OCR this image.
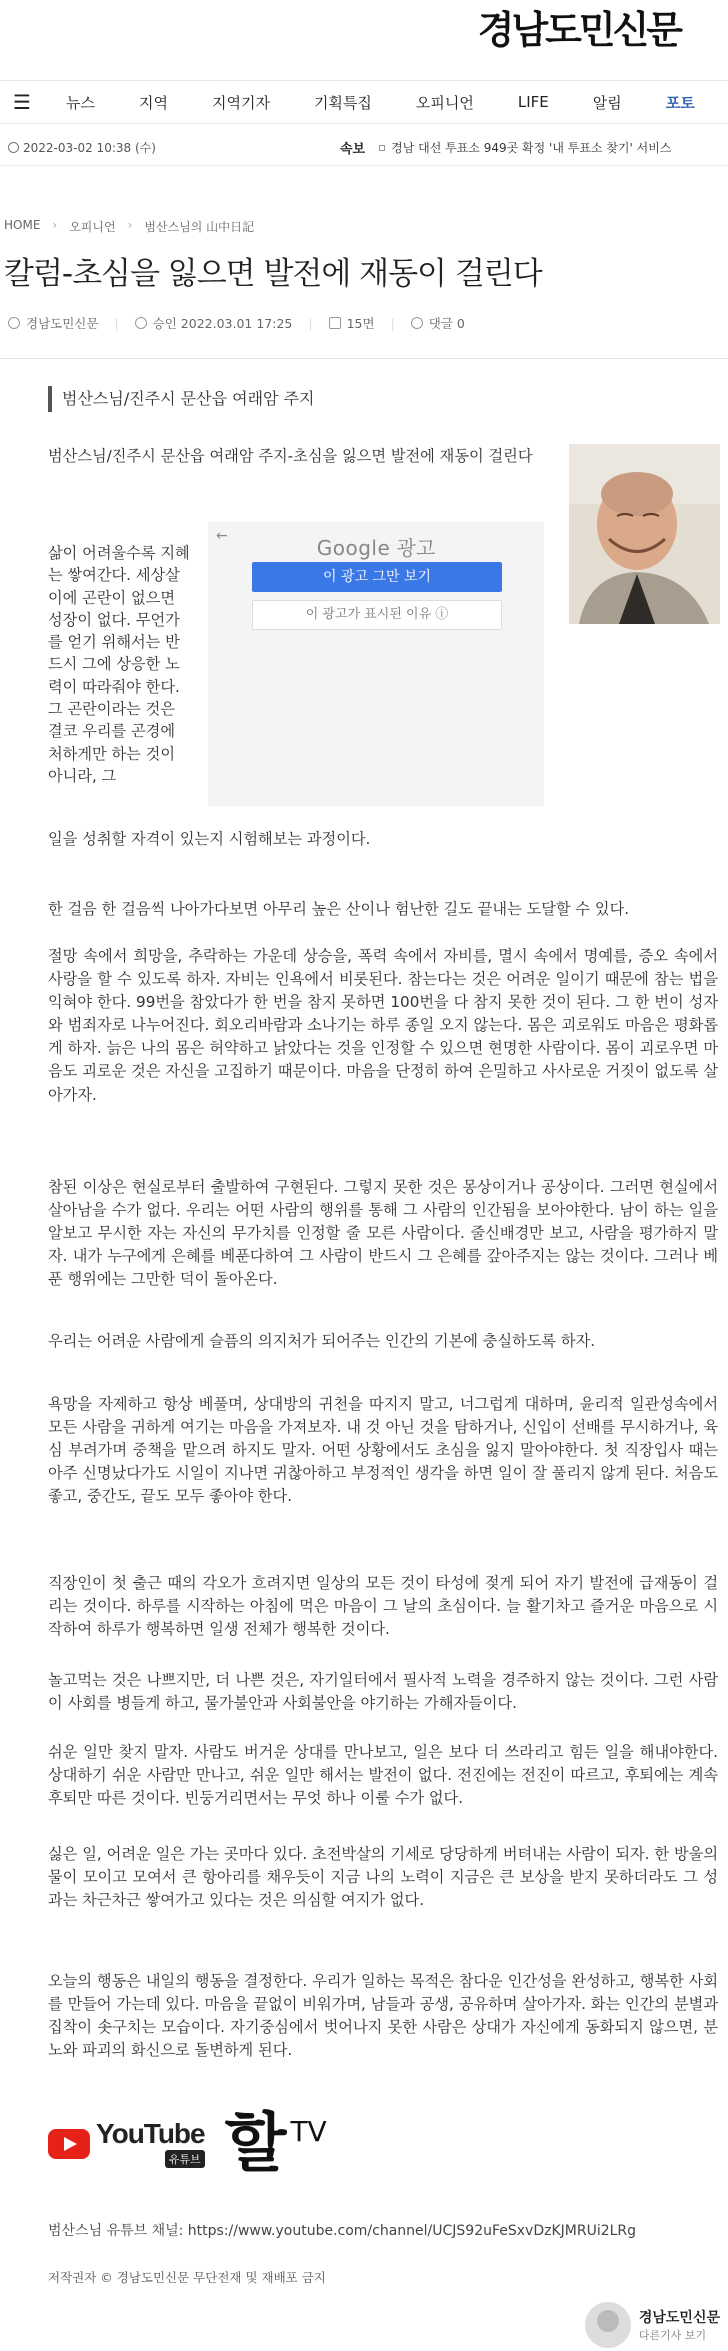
경남도민신문
☰	뉴스	지역	지역기자	기획특집	오피니언	LIFE	알림	포토
2022-03-02 10:38 (수)	속보 경남 대선 투표소 949곳 확정 '내 투표소 찾기' 서비스
HOME › 오피니언 › 범산스님의 山中日記
칼럼-초심을 잃으면 발전에 재동이 걸린다
경남도민신문 |	승인 2022.03.01 17:25 |	15면 |	댓글 0
범산스님/진주시 문산읍 여래암 주지
범산스님/진주시 문산읍 여래암 주지-초심을 잃으면 발전에 재동이 걸린다
삶이 어려울수록 지혜는 쌓여간다. 세상살이에 곤란이 없으면 성장이 없다. 무언가를 얻기 위해서는 반드시 그에 상응한 노력이 따라줘야 한다. 그 곤란이라는 것은 결코 우리를 곤경에 처하게만 하는 것이 아니라, 그
←	Google 광고
이 광고 그만 보기
이 광고가 표시된 이유 ⓘ
일을 성취할 자격이 있는지 시험해보는 과정이다.
한 걸음 한 걸음씩 나아가다보면 아무리 높은 산이나 험난한 길도 끝내는 도달할 수 있다.
절망 속에서 희망을, 추락하는 가운데 상승을, 폭력 속에서 자비를, 멸시 속에서 명예를, 증오 속에서 사랑을 할 수 있도록 하자. 자비는 인욕에서 비롯된다. 참는다는 것은 어려운 일이기 때문에 참는 법을 익혀야 한다. 99번을 참았다가 한 번을 참지 못하면 100번을 다 참지 못한 것이 된다. 그 한 번이 성자와 범죄자로 나누어진다. 회오리바람과 소나기는 하루 종일 오지 않는다. 몸은 괴로워도 마음은 평화롭게 하자. 늙은 나의 몸은 허약하고 낡았다는 것을 인정할 수 있으면 현명한 사람이다. 몸이 괴로우면 마음도 괴로운 것은 자신을 고집하기 때문이다. 마음을 단정히 하여 은밀하고 사사로운 거짓이 없도록 살아가자.
참된 이상은 현실로부터 출발하여 구현된다. 그렇지 못한 것은 몽상이거나 공상이다. 그러면 현실에서 살아남을 수가 없다. 우리는 어떤 사람의 행위를 통해 그 사람의 인간됨을 보아야한다. 남이 하는 일을 알보고 무시한 자는 자신의 무가치를 인정할 줄 모른 사람이다. 줄신배경만 보고, 사람을 평가하지 말자. 내가 누구에게 은혜를 베푼다하여 그 사람이 반드시 그 은혜를 갚아주지는 않는 것이다. 그러나 베푼 행위에는 그만한 덕이 돌아온다.
우리는 어려운 사람에게 슬픔의 의지처가 되어주는 인간의 기본에 충실하도록 하자.
욕망을 자제하고 항상 베풀며, 상대방의 귀천을 따지지 말고, 너그럽게 대하며, 윤리적 일관성속에서 모든 사람을 귀하게 여기는 마음을 가져보자. 내 것 아닌 것을 탐하거나, 신입이 선배를 무시하거나, 육심 부려가며 중책을 맡으려 하지도 말자. 어떤 상황에서도 초심을 잃지 말아야한다. 첫 직장입사 때는 아주 신명났다가도 시일이 지나면 귀찮아하고 부정적인 생각을 하면 일이 잘 풀리지 않게 된다. 처음도 좋고, 중간도, 끝도 모두 좋아야 한다.
직장인이 첫 출근 때의 각오가 흐려지면 일상의 모든 것이 타성에 젖게 되어 자기 발전에 급재동이 걸리는 것이다. 하루를 시작하는 아침에 먹은 마음이 그 날의 초심이다. 늘 활기차고 즐거운 마음으로 시작하여 하루가 행복하면 일생 전체가 행복한 것이다.
놀고먹는 것은 나쁘지만, 더 나쁜 것은, 자기일터에서 필사적 노력을 경주하지 않는 것이다. 그런 사람이 사회를 병들게 하고, 물가불안과 사회불안을 야기하는 가해자들이다.
쉬운 일만 찾지 말자. 사람도 버거운 상대를 만나보고, 일은 보다 더 쓰라리고 힘든 일을 해내야한다. 상대하기 쉬운 사람만 만나고, 쉬운 일만 해서는 발전이 없다. 전진에는 전진이 따르고, 후퇴에는 계속 후퇴만 따른 것이다. 빈둥거리면서는 무엇 하나 이룰 수가 없다.
싫은 일, 어려운 일은 가는 곳마다 있다. 초전박살의 기세로 당당하게 버텨내는 사람이 되자. 한 방울의 물이 모이고 모여서 큰 항아리를 채우듯이 지금 나의 노력이 지금은 큰 보상을 받지 못하더라도 그 성과는 차근차근 쌓여가고 있다는 것은 의심할 여지가 없다.
오늘의 행동은 내일의 행동을 결정한다. 우리가 일하는 목적은 참다운 인간성을 완성하고, 행복한 사회를 만들어 가는데 있다. 마음을 끝없이 비워가며, 남들과 공생, 공유하며 살아가자. 화는 인간의 분별과 집착이 솟구치는 모습이다. 자기중심에서 벗어나지 못한 사람은 상대가 자신에게 동화되지 않으면, 분노와 파괴의 화신으로 돌변하게 된다.
YouTube
유튜브 할 TV
범산스님 유튜브 채널: https://www.youtube.com/channel/UCJS92uFeSxvDzKJMRUi2LRg
저작권자 © 경남도민신문 무단전재 및 재배포 금지
경남도민신문
다른기사 보기
